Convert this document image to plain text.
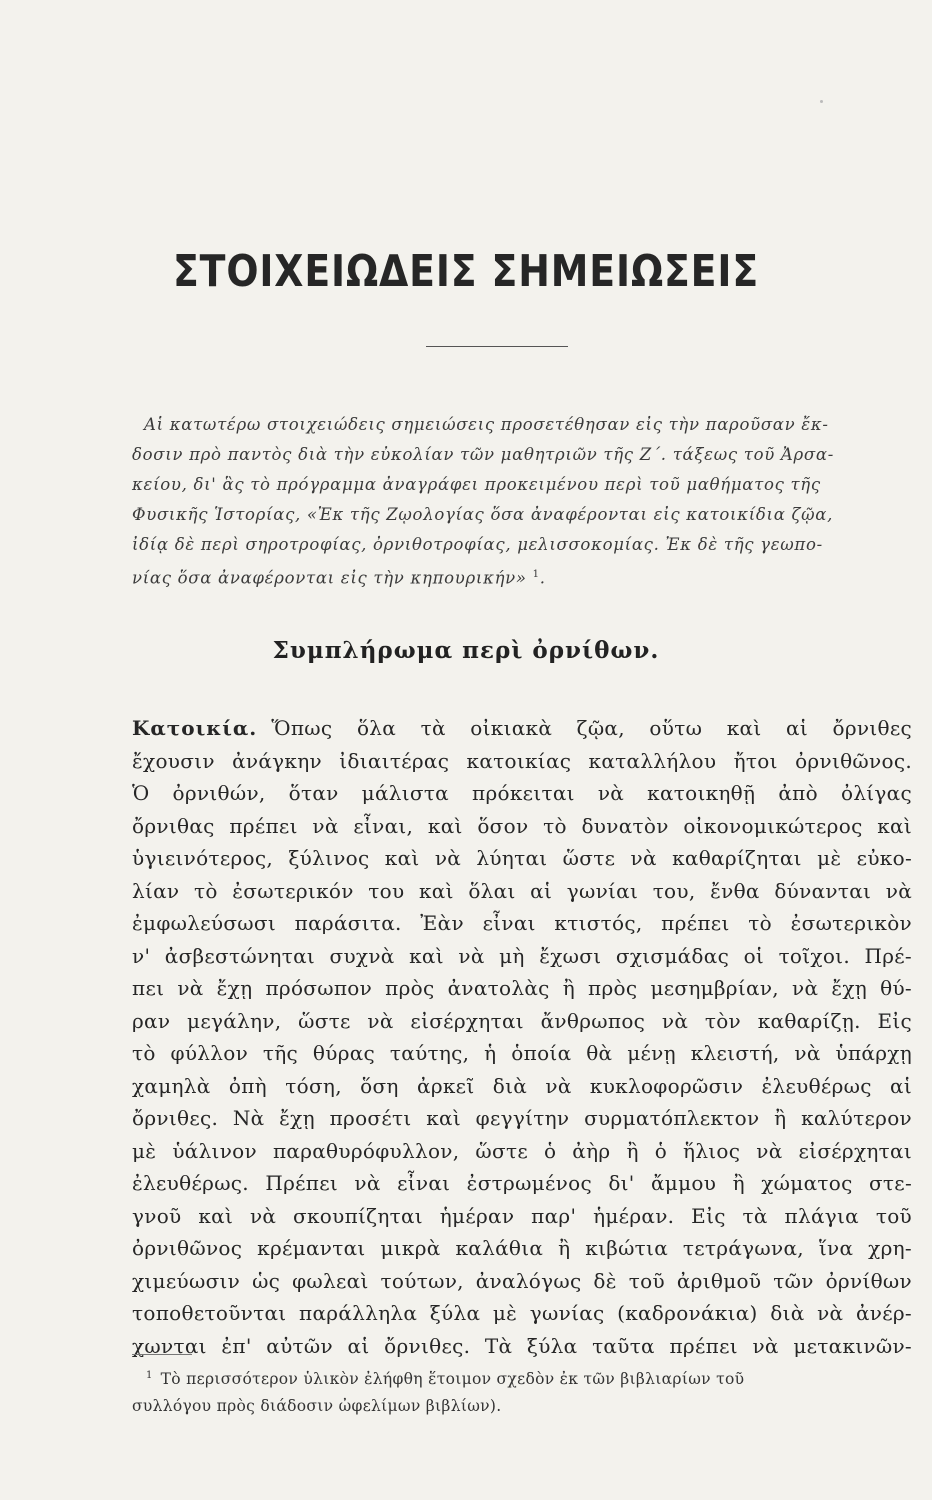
ΣΤΟΙΧΕΙΩΔΕΙΣ ΣΗΜΕΙΩΣΕΙΣ
Αἱ κατωτέρω στοιχειώδεις σημειώσεις προσετέθησαν εἰς τὴν παροῦσαν ἔκ-
δοσιν πρὸ παντὸς διὰ τὴν εὐκολίαν τῶν μαθητριῶν τῆς Ζ΄. τάξεως τοῦ Ἀρσα-
κείου, δι' ἃς τὸ πρόγραμμα ἀναγράφει προκειμένου περὶ τοῦ μαθήματος τῆς
Φυσικῆς Ἱστορίας, «Ἐκ τῆς Ζῳολογίας ὅσα ἀναφέρονται εἰς κατοικίδια ζῷα,
ἰδίᾳ δὲ περὶ σηροτροφίας, ὀρνιθοτροφίας, μελισσοκομίας. Ἐκ δὲ τῆς γεωπο-
νίας ὅσα ἀναφέρονται εἰς τὴν κηπουρικήν» $^1$.
Συμπλήρωμα περὶ ὀρνίθων.
Κατοικία. Ὅπως ὅλα τὰ οἰκιακὰ ζῷα, οὕτω καὶ αἱ ὄρνιθες
ἔχουσιν ἀνάγκην ἰδιαιτέρας κατοικίας καταλλήλου ἤτοι ὀρνιθῶνος.
Ὁ ὀρνιθών, ὅταν μάλιστα πρόκειται νὰ κατοικηθῇ ἀπὸ ὀλίγας
ὄρνιθας πρέπει νὰ εἶναι, καὶ ὅσον τὸ δυνατὸν οἰκονομικώτερος καὶ
ὑγιεινότερος, ξύλινος καὶ νὰ λύηται ὥστε νὰ καθαρίζηται μὲ εὐκο-
λίαν τὸ ἐσωτερικόν του καὶ ὅλαι αἱ γωνίαι του, ἔνθα δύνανται νὰ
ἐμφωλεύσωσι παράσιτα. Ἐὰν εἶναι κτιστός, πρέπει τὸ ἐσωτερικὸν
ν' ἀσβεστώνηται συχνὰ καὶ νὰ μὴ ἔχωσι σχισμάδας οἱ τοῖχοι. Πρέ-
πει νὰ ἔχῃ πρόσωπον πρὸς ἀνατολὰς ἢ πρὸς μεσημβρίαν, νὰ ἔχῃ θύ-
ραν μεγάλην, ὥστε νὰ εἰσέρχηται ἄνθρωπος νὰ τὸν καθαρίζῃ. Εἰς
τὸ φύλλον τῆς θύρας ταύτης, ἡ ὁποία θὰ μένῃ κλειστή, νὰ ὑπάρχῃ
χαμηλὰ ὀπὴ τόση, ὅση ἀρκεῖ διὰ νὰ κυκλοφορῶσιν ἐλευθέρως αἱ
ὄρνιθες. Νὰ ἔχῃ προσέτι καὶ φεγγίτην συρματόπλεκτον ἢ καλύτερον
μὲ ὑάλινον παραθυρόφυλλον, ὥστε ὁ ἀὴρ ἢ ὁ ἥλιος νὰ εἰσέρχηται
ἐλευθέρως. Πρέπει νὰ εἶναι ἐστρωμένος δι' ἄμμου ἢ χώματος στε-
γνοῦ καὶ νὰ σκουπίζηται ἡμέραν παρ' ἡμέραν. Εἰς τὰ πλάγια τοῦ
ὀρνιθῶνος κρέμανται μικρὰ καλάθια ἢ κιβώτια τετράγωνα, ἵνα χρη-
χιμεύωσιν ὡς φωλεαὶ τούτων, ἀναλόγως δὲ τοῦ ἀριθμοῦ τῶν ὀρνίθων
τοποθετοῦνται παράλληλα ξύλα μὲ γωνίας (καδρονάκια) διὰ νὰ ἀνέρ-
χωνται ἐπ' αὐτῶν αἱ ὄρνιθες. Τὰ ξύλα ταῦτα πρέπει νὰ μετακινῶν-
$^1$ Τὸ περισσότερον ὑλικὸν ἐλήφθη ἕτοιμον σχεδὸν ἐκ τῶν βιβλιαρίων τοῦ
συλλόγου πρὸς διάδοσιν ὠφελίμων βιβλίων).
